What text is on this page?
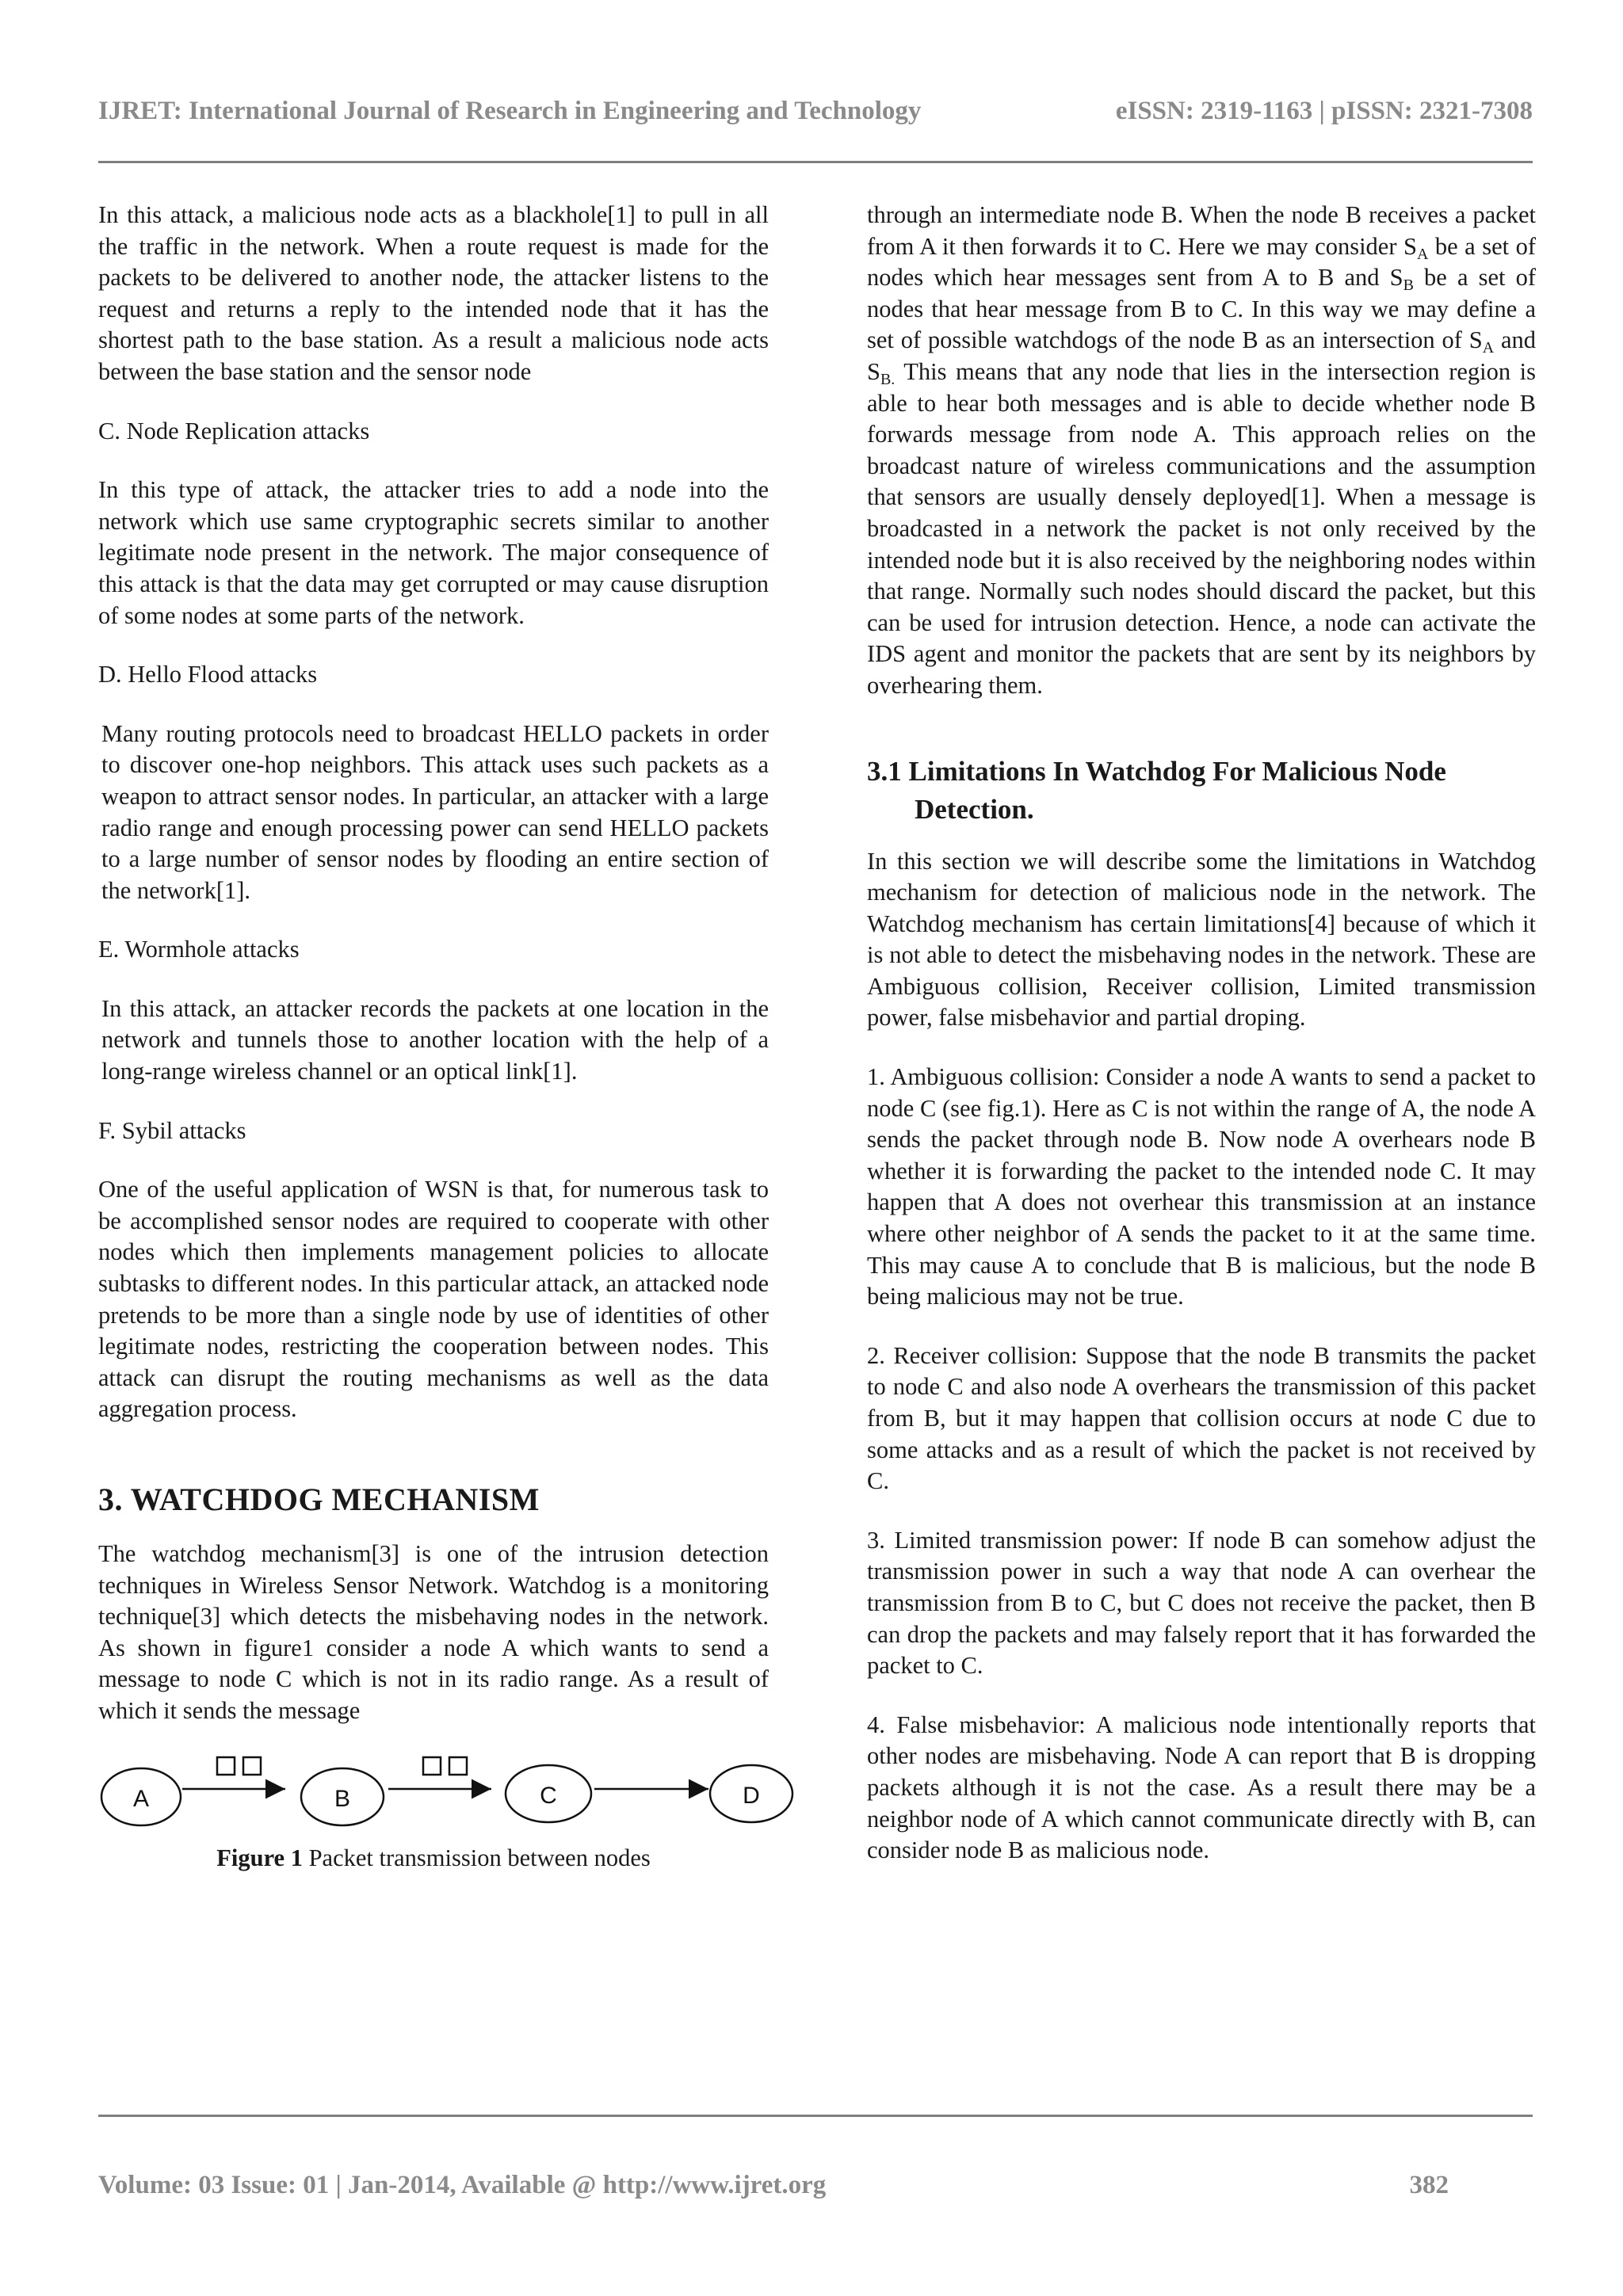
IJRET: International Journal of Research in Engineering and Technology	eISSN: 2319-1163 | pISSN: 2321-7308

In this attack, a malicious node acts as a blackhole[1] to pull in all the traffic in the network. When a route request is made for the packets to be delivered to another node, the attacker listens to the request and returns a reply to the intended node that it has the shortest path to the base station. As a result a malicious node acts between the base station and the sensor node

C. Node Replication attacks

In this type of attack, the attacker tries to add a node into the network which use same cryptographic secrets similar to another legitimate node present in the network. The major consequence of this attack is that the data may get corrupted or may cause disruption of some nodes at some parts of the network.

D. Hello Flood attacks

Many routing protocols need to broadcast HELLO packets in order to discover one-hop neighbors. This attack uses such packets as a weapon to attract sensor nodes. In particular, an attacker with a large radio range and enough processing power can send HELLO packets to a large number of sensor nodes by flooding an entire section of the network[1].

E. Wormhole attacks

In this attack, an attacker records the packets at one location in the network and tunnels those to another location with the help of a long-range wireless channel or an optical link[1].

F. Sybil attacks

One of the useful application of WSN is that, for numerous task to be accomplished sensor nodes are required to cooperate with other nodes which then implements management policies to allocate subtasks to different nodes. In this particular attack, an attacked node pretends to be more than a single node by use of identities of other legitimate nodes, restricting the cooperation between nodes. This attack can disrupt the routing mechanisms as well as the data aggregation process.

3. WATCHDOG MECHANISM

The watchdog mechanism[3] is one of the intrusion detection techniques in Wireless Sensor Network. Watchdog is a monitoring technique[3] which detects the misbehaving nodes in the network. As shown in figure1 consider a node A which wants to send a message to node C which is not in its radio range. As a result of which it sends the message

A	B	C	D
Figure 1 Packet transmission between nodes

through an intermediate node B. When the node B receives a packet from A it then forwards it to C. Here we may consider $S_A$ be a set of nodes which hear messages sent from A to B and $S_B$ be a set of nodes that hear message from B to C. In this way we may define a set of possible watchdogs of the node B as an intersection of $S_A$ and $S_{B.}$ This means that any node that lies in the intersection region is able to hear both messages and is able to decide whether node B forwards message from node A. This approach relies on the broadcast nature of wireless communications and the assumption that sensors are usually densely deployed[1]. When a message is broadcasted in a network the packet is not only received by the intended node but it is also received by the neighboring nodes within that range. Normally such nodes should discard the packet, but this can be used for intrusion detection. Hence, a node can activate the IDS agent and monitor the packets that are sent by its neighbors by overhearing them.

3.1 Limitations In Watchdog For Malicious Node
Detection.

In this section we will describe some the limitations in Watchdog mechanism for detection of malicious node in the network. The Watchdog mechanism has certain limitations[4] because of which it is not able to detect the misbehaving nodes in the network. These are Ambiguous collision, Receiver collision, Limited transmission power, false misbehavior and partial droping.

1. Ambiguous collision: Consider a node A wants to send a packet to node C (see fig.1). Here as C is not within the range of A, the node A sends the packet through node B. Now node A overhears node B whether it is forwarding the packet to the intended node C. It may happen that A does not overhear this transmission at an instance where other neighbor of A sends the packet to it at the same time. This may cause A to conclude that B is malicious, but the node B being malicious may not be true.

2. Receiver collision: Suppose that the node B transmits the packet to node C and also node A overhears the transmission of this packet from B, but it may happen that collision occurs at node C due to some attacks and as a result of which the packet is not received by C.

3. Limited transmission power: If node B can somehow adjust the transmission power in such a way that node A can overhear the transmission from B to C, but C does not receive the packet, then B can drop the packets and may falsely report that it has forwarded the packet to C.

4. False misbehavior: A malicious node intentionally reports that other nodes are misbehaving. Node A can report that B is dropping packets although it is not the case. As a result there may be a neighbor node of A which cannot communicate directly with B, can consider node B as malicious node.

Volume: 03 Issue: 01 | Jan-2014, Available @ http://www.ijret.org	382
